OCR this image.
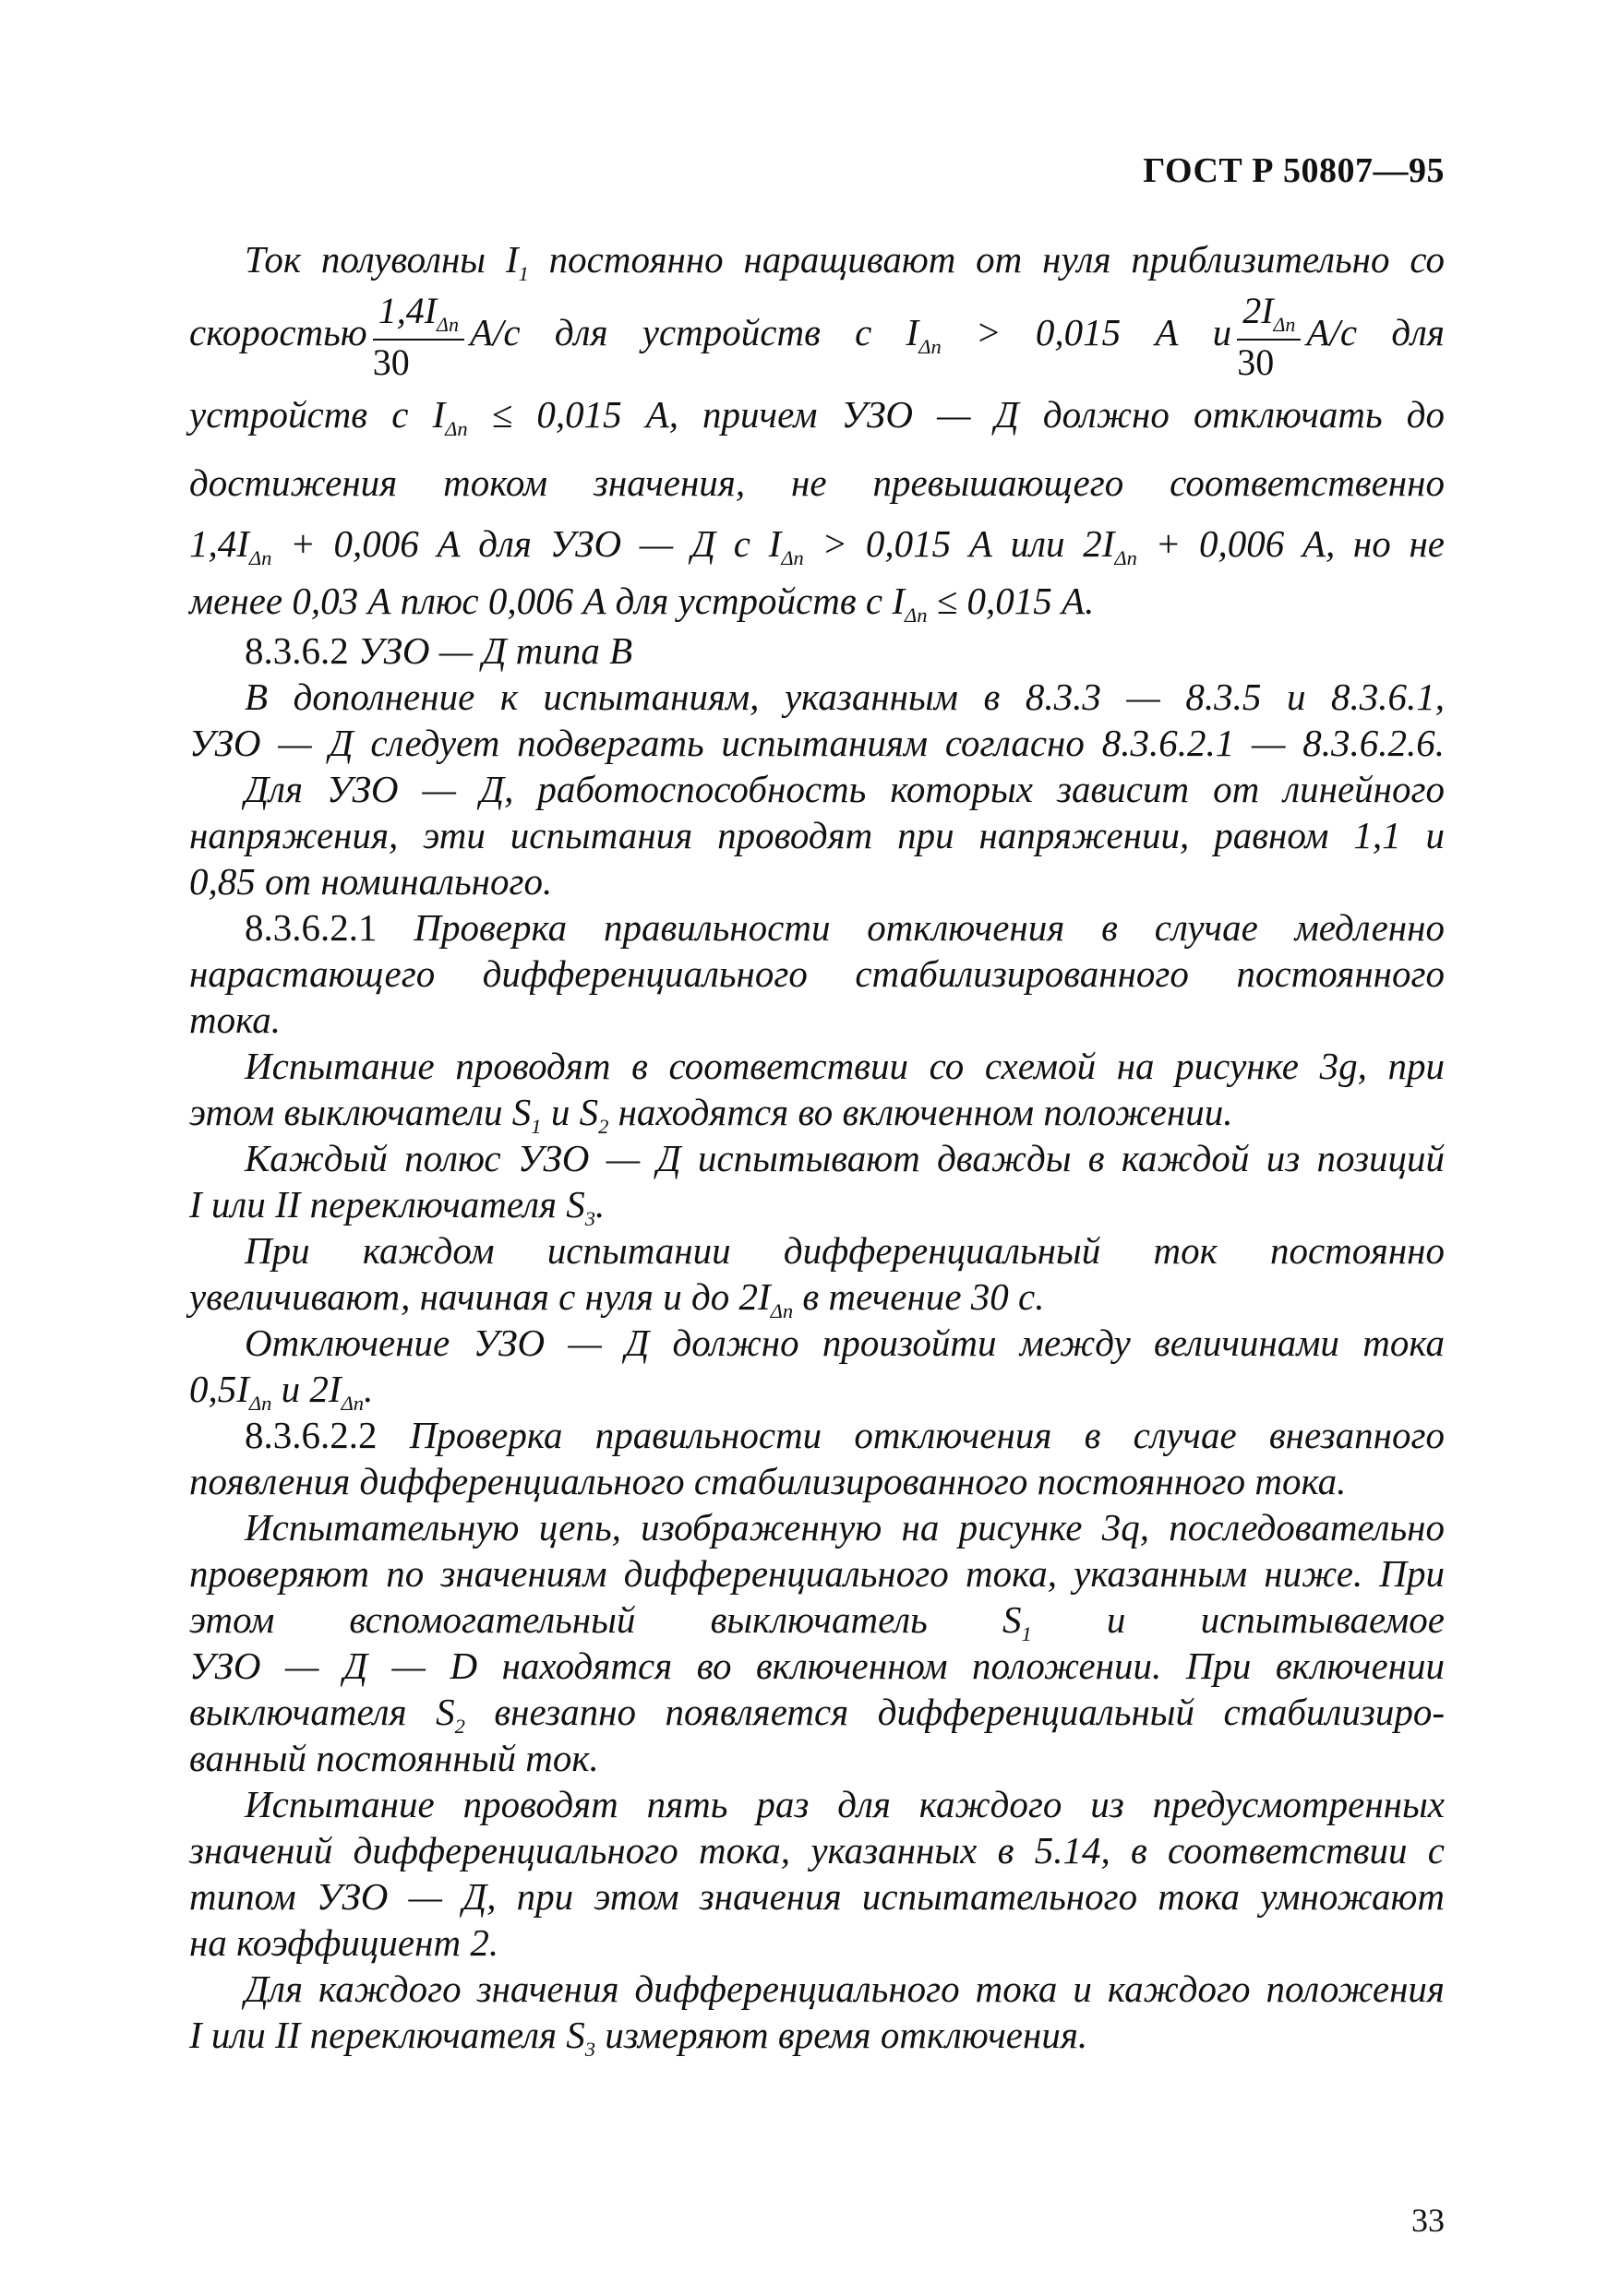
ГОСТ Р 50807—95
Ток полуволны $I_1$ постоянно наращивают от нуля приблизительно со
скоростью $\frac{1,4I_{\Delta n}}{30} А/с$ для устройств с $I_{\Delta n} > 0,015$ А и $\frac{2I_{\Delta n}}{30} А/с$ для
устройств с $I_{\Delta n} \le 0,015$ А, причем УЗО — Д должно отключать до
достижения током значения, не превышающего соответственно
$1,4I_{\Delta n} + 0,006$ А для УЗО — Д с $I_{\Delta n} > 0,015$ А или $2I_{\Delta n} + 0,006$ А, но не
менее 0,03 А плюс 0,006 А для устройств с $I_{\Delta n} \le 0,015$ А.
8.3.6.2 УЗО — Д типа В
В дополнение к испытаниям, указанным в 8.3.3 — 8.3.5 и 8.3.6.1,
УЗО — Д следует подвергать испытаниям согласно 8.3.6.2.1 — 8.3.6.2.6.
Для УЗО — Д, работоспособность которых зависит от линейного
напряжения, эти испытания проводят при напряжении, равном 1,1 и
0,85 от номинального.
8.3.6.2.1 Проверка правильности отключения в случае медленно
нарастающего дифференциального стабилизированного постоянного
тока.
Испытание проводят в соответствии со схемой на рисунке 3g, при
этом выключатели $S_1$ и $S_2$ находятся во включенном положении.
Каждый полюс УЗО — Д испытывают дважды в каждой из позиций
I или II переключателя $S_3$.
При каждом испытании дифференциальный ток постоянно
увеличивают, начиная с нуля и до $2I_{\Delta n}$ в течение 30 с.
Отключение УЗО — Д должно произойти между величинами тока
$0,5I_{\Delta n}$ и $2I_{\Delta n}$.
8.3.6.2.2 Проверка правильности отключения в случае внезапного
появления дифференциального стабилизированного постоянного тока.
Испытательную цепь, изображенную на рисунке 3q, последовательно
проверяют по значениям дифференциального тока, указанным ниже. При
этом вспомогательный выключатель $S_1$ и испытываемое
УЗО — Д — D находятся во включенном положении. При включении
выключателя $S_2$ внезапно появляется дифференциальный стабилизиро-
ванный постоянный ток.
Испытание проводят пять раз для каждого из предусмотренных
значений дифференциального тока, указанных в 5.14, в соответствии с
типом УЗО — Д, при этом значения испытательного тока умножают
на коэффициент 2.
Для каждого значения дифференциального тока и каждого положения
I или II переключателя $S_3$ измеряют время отключения.
33
